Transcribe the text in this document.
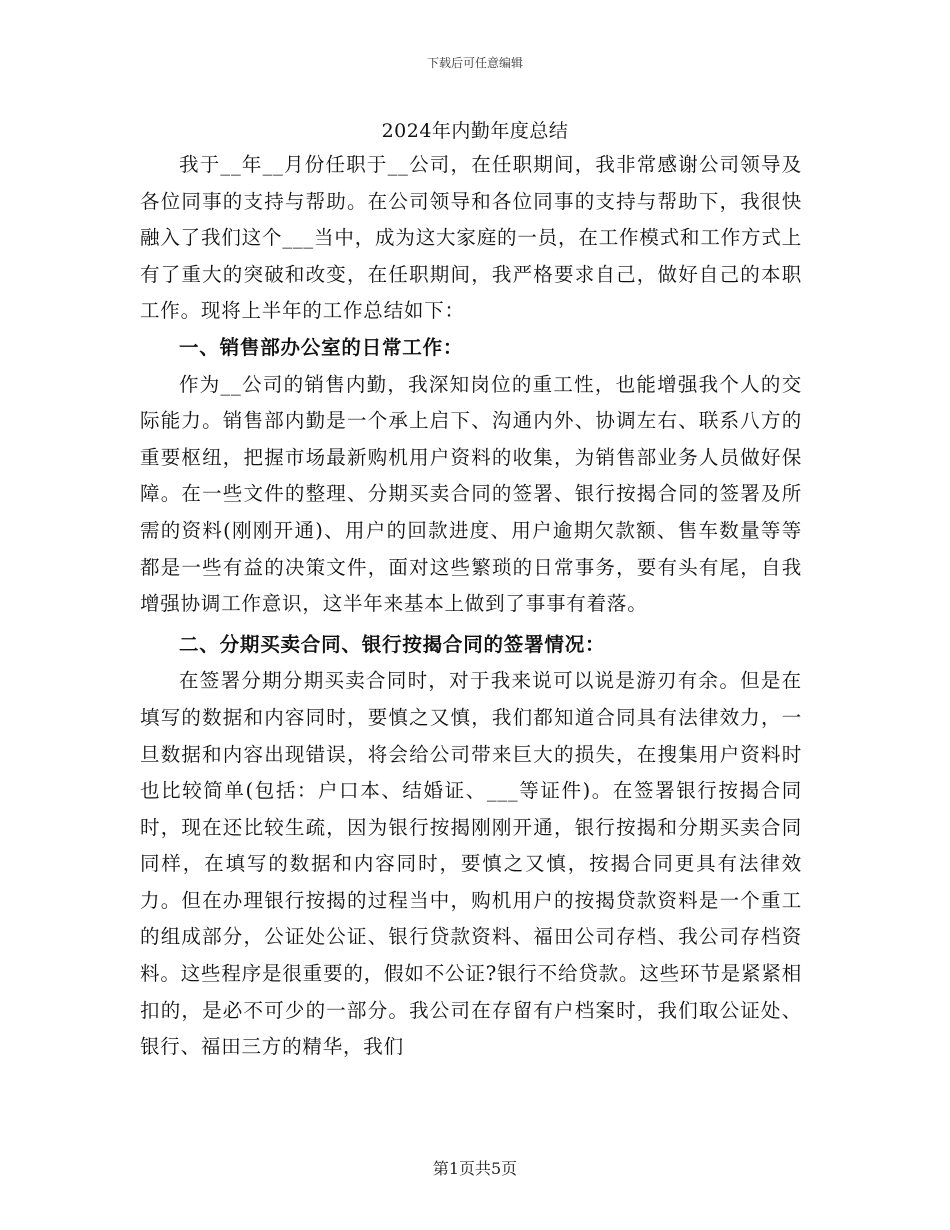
下载后可任意编辑
2024年内勤年度总结

我于__年__月份任职于__公司，在任职期间，我非常感谢公司领导及各位同事的支持与帮助。在公司领导和各位同事的支持与帮助下，我很快融入了我们这个___当中，成为这大家庭的一员，在工作模式和工作方式上有了重大的突破和改变，在任职期间，我严格要求自己，做好自己的本职工作。现将上半年的工作总结如下：

一、销售部办公室的日常工作：

作为__公司的销售内勤，我深知岗位的重工性，也能增强我个人的交际能力。销售部内勤是一个承上启下、沟通内外、协调左右、联系八方的重要枢纽，把握市场最新购机用户资料的收集，为销售部业务人员做好保障。在一些文件的整理、分期买卖合同的签署、银行按揭合同的签署及所需的资料(刚刚开通)、用户的回款进度、用户逾期欠款额、售车数量等等都是一些有益的决策文件，面对这些繁琐的日常事务，要有头有尾，自我增强协调工作意识，这半年来基本上做到了事事有着落。

二、分期买卖合同、银行按揭合同的签署情况：

在签署分期分期买卖合同时，对于我来说可以说是游刃有余。但是在填写的数据和内容同时，要慎之又慎，我们都知道合同具有法律效力，一旦数据和内容出现错误，将会给公司带来巨大的损失，在搜集用户资料时也比较简单(包括：户口本、结婚证、___等证件)。在签署银行按揭合同时，现在还比较生疏，因为银行按揭刚刚开通，银行按揭和分期买卖合同同样，在填写的数据和内容同时，要慎之又慎，按揭合同更具有法律效力。但在办理银行按揭的过程当中，购机用户的按揭贷款资料是一个重工的组成部分，公证处公证、银行贷款资料、福田公司存档、我公司存档资料。这些程序是很重要的，假如不公证?银行不给贷款。这些环节是紧紧相扣的，是必不可少的一部分。我公司在存留有户档案时，我们取公证处、银行、福田三方的精华，我们

第1页共5页
